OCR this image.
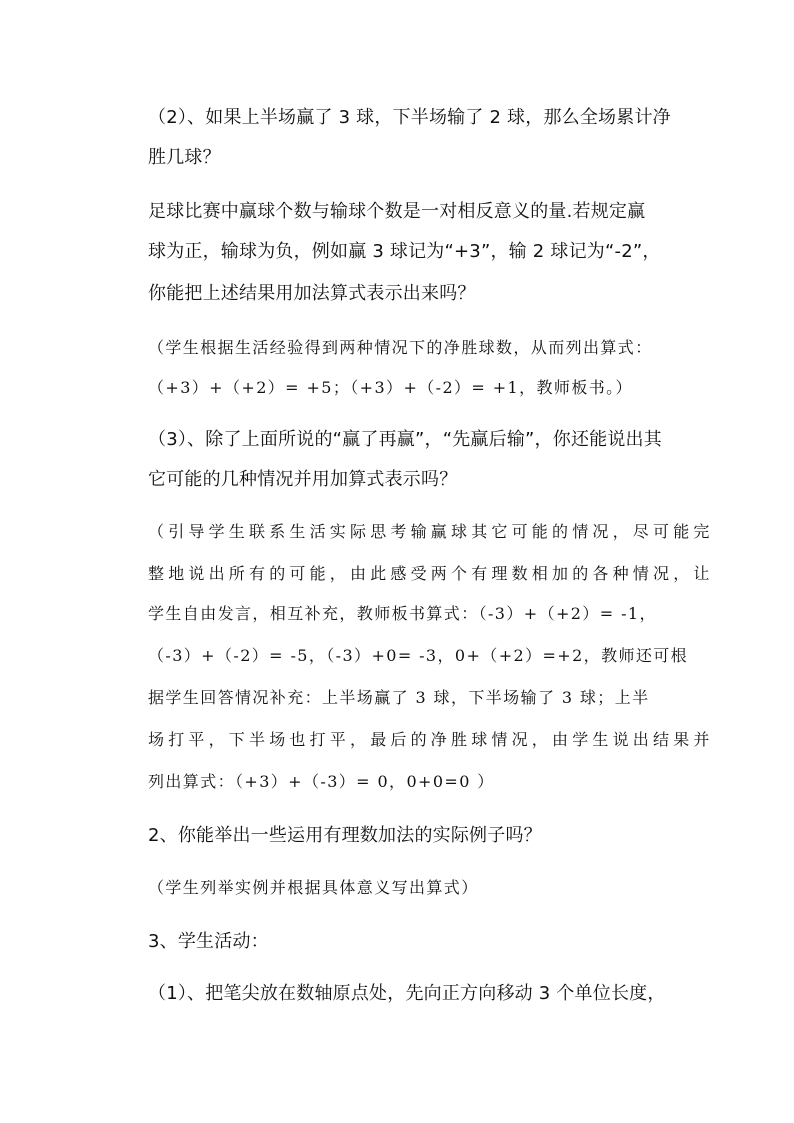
（2）、如果上半场赢了 3 球，下半场输了 2 球，那么全场累计净
胜几球？
足球比赛中赢球个数与输球个数是一对相反意义的量.若规定赢
球为正，输球为负，例如赢 3 球记为“+3”，输 2 球记为“-2”，
你能把上述结果用加法算式表示出来吗？
（学生根据生活经验得到两种情况下的净胜球数，从而列出算式：
（+3）+（+2）= +5；（+3）+（-2）= +1，教师板书。）
（3）、除了上面所说的“赢了再赢”，“先赢后输”，你还能说出其
它可能的几种情况并用加算式表示吗？
（引导学生联系生活实际思考输赢球其它可能的情况，尽可能完
整地说出所有的可能，由此感受两个有理数相加的各种情况，让
学生自由发言，相互补充，教师板书算式：（-3）+（+2）= -1，
（-3）+（-2）= -5，（-3）+0= -3，0+（+2）=+2，教师还可根
据学生回答情况补充：上半场赢了 3 球，下半场输了 3 球；上半
场打平，下半场也打平，最后的净胜球情况，由学生说出结果并
列出算式：（+3）+（-3）= 0，0+0=0 ）
2、你能举出一些运用有理数加法的实际例子吗？
（学生列举实例并根据具体意义写出算式）
3、学生活动：
（1）、把笔尖放在数轴原点处，先向正方向移动 3 个单位长度，
